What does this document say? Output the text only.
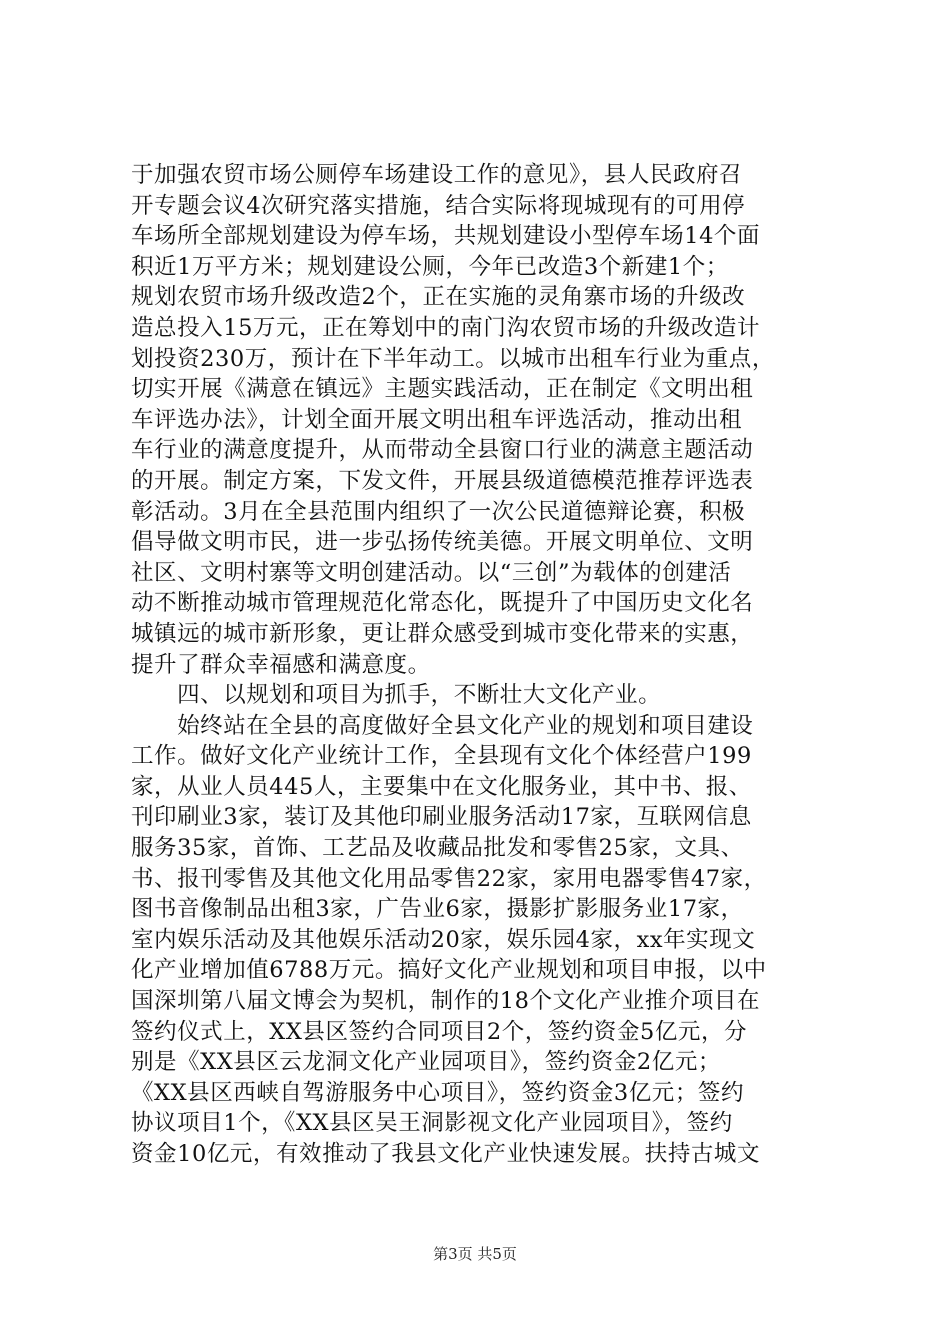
于加强农贸市场公厕停车场建设工作的意见》，县人民政府召
开专题会议4次研究落实措施，结合实际将现城现有的可用停
车场所全部规划建设为停车场，共规划建设小型停车场14个面
积近1万平方米；规划建设公厕，今年已改造3个新建1个；
规划农贸市场升级改造2个，正在实施的灵角寨市场的升级改
造总投入15万元，正在筹划中的南门沟农贸市场的升级改造计
划投资230万，预计在下半年动工。以城市出租车行业为重点，
切实开展《满意在镇远》主题实践活动，正在制定《文明出租
车评选办法》，计划全面开展文明出租车评选活动，推动出租
车行业的满意度提升，从而带动全县窗口行业的满意主题活动
的开展。制定方案，下发文件，开展县级道德模范推荐评选表
彰活动。3月在全县范围内组织了一次公民道德辩论赛，积极
倡导做文明市民，进一步弘扬传统美德。开展文明单位、文明
社区、文明村寨等文明创建活动。以“三创”为载体的创建活
动不断推动城市管理规范化常态化，既提升了中国历史文化名
城镇远的城市新形象，更让群众感受到城市变化带来的实惠，
提升了群众幸福感和满意度。
　　四、以规划和项目为抓手，不断壮大文化产业。
　　始终站在全县的高度做好全县文化产业的规划和项目建设
工作。做好文化产业统计工作，全县现有文化个体经营户199
家，从业人员445人，主要集中在文化服务业，其中书、报、
刊印刷业3家，装订及其他印刷业服务活动17家，互联网信息
服务35家，首饰、工艺品及收藏品批发和零售25家，文具、
书、报刊零售及其他文化用品零售22家，家用电器零售47家，
图书音像制品出租3家，广告业6家，摄影扩影服务业17家，
室内娱乐活动及其他娱乐活动20家，娱乐园4家，xx年实现文
化产业增加值6788万元。搞好文化产业规划和项目申报，以中
国深圳第八届文博会为契机，制作的18个文化产业推介项目在
签约仪式上，XX县区签约合同项目2个，签约资金5亿元，分
别是《XX县区云龙洞文化产业园项目》，签约资金2亿元；
《XX县区西峡自驾游服务中心项目》，签约资金3亿元；签约
协议项目1个，《XX县区吴王洞影视文化产业园项目》，签约
资金10亿元，有效推动了我县文化产业快速发展。扶持古城文
第3页 共5页
